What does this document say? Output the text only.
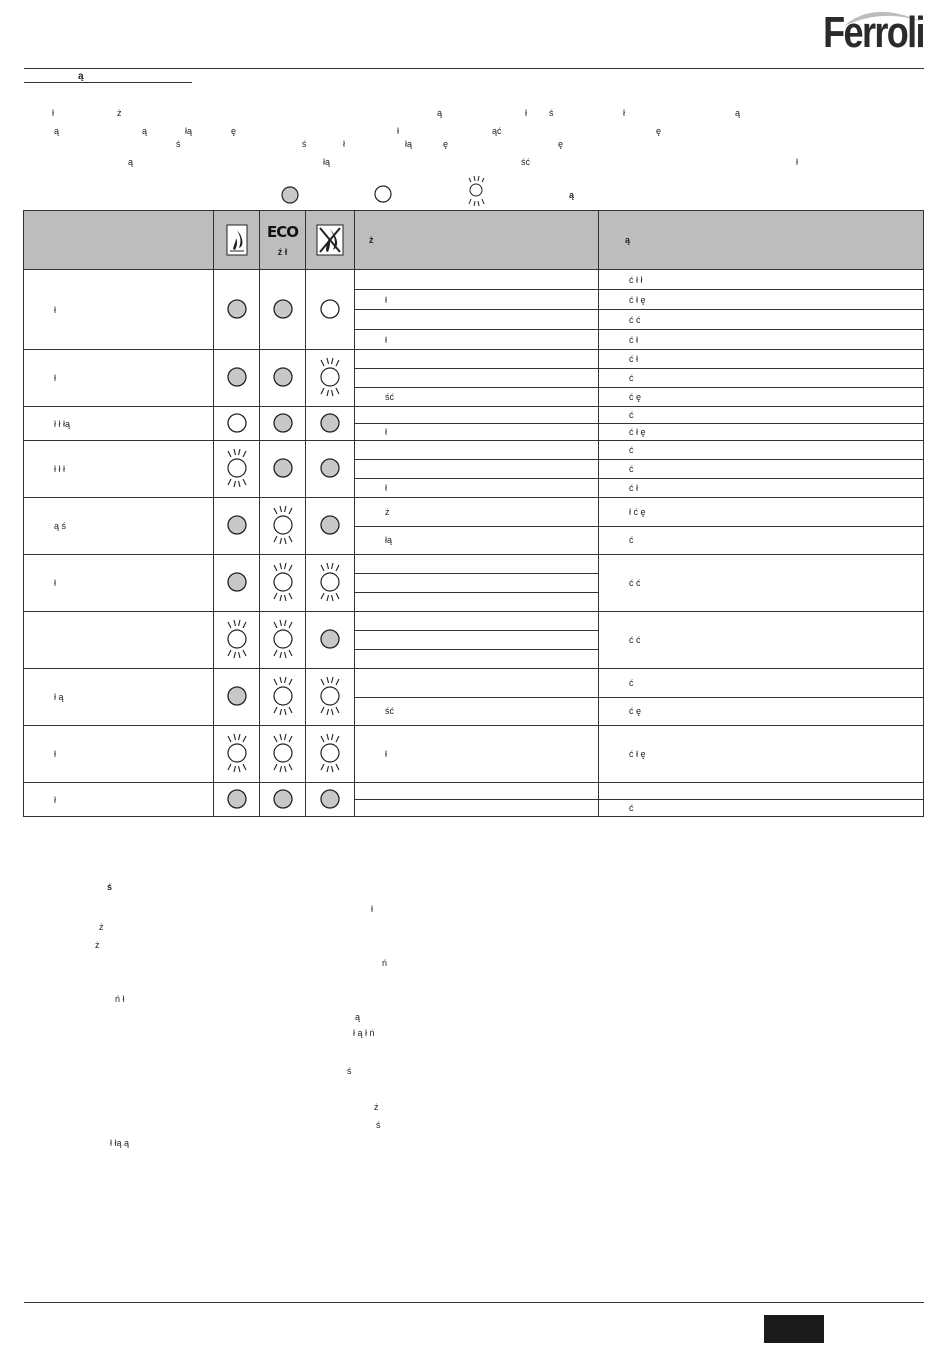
Ferroli
ą
ł	ż	ą	ł ś	ł	ą
ą	ą	łą	ę	ł	ąć	ę
ś	ś	ł	łą	ę	ę
ą	łą	ść	ł
ą

ECO
ź ł		ż	ą
ł					ć ł ł
				ł	ć ł ę
					ć ć
				ł	ć ł
ł					ć ł
					ć
				ść	ć ę
ł ł łą					ć
				ł	ć ł ę
ł ł ł					ć
					ć
				ł	ć ł
ą ś				ż	ł ć ę
				łą	ć
ł					ć ć

					ć ć

ł ą					ć
				ść	ć ę
ł				ł	ć ł ę
ł					
					ć
ś
ł
ż
ż
ń
ń ł
ą
ł ą ł ń
ś
ż
ś
ł łą ą
